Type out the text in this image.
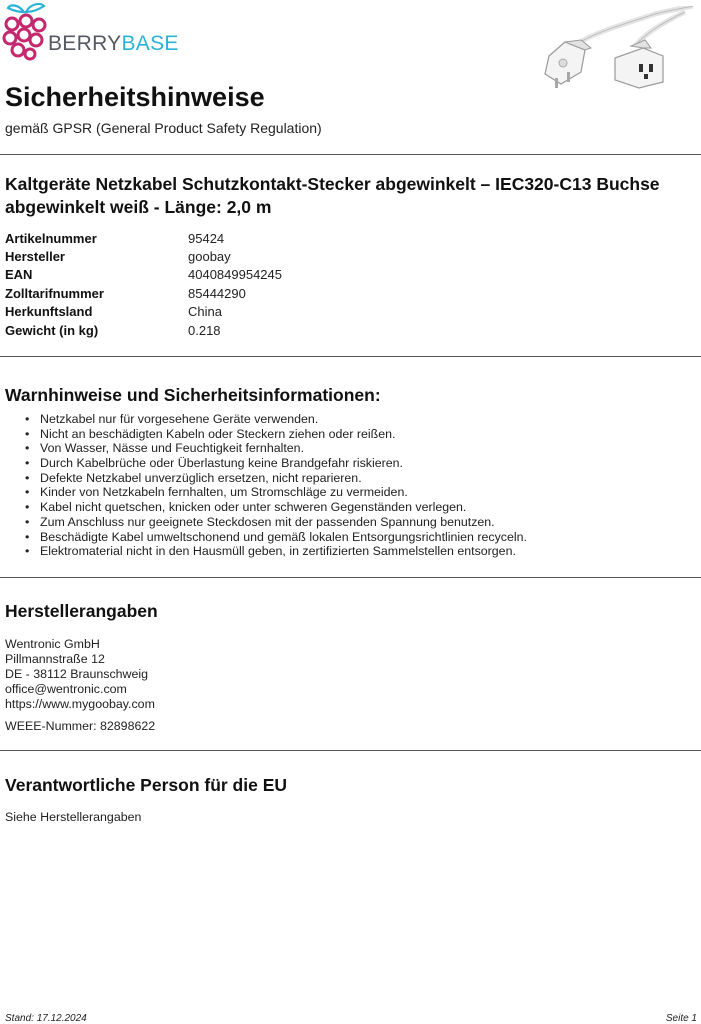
BERRYBASE
Sicherheitshinweise
gemäß GPSR (General Product Safety Regulation)
Kaltgeräte Netzkabel Schutzkontakt-Stecker abgewinkelt – IEC320-C13 Buchse abgewinkelt weiß - Länge: 2,0 m
Artikelnummer	95424
Hersteller	goobay
EAN	4040849954245
Zolltarifnummer	85444290
Herkunftsland	China
Gewicht (in kg)	0.218
Warnhinweise und Sicherheitsinformationen:
• Netzkabel nur für vorgesehene Geräte verwenden.
• Nicht an beschädigten Kabeln oder Steckern ziehen oder reißen.
• Von Wasser, Nässe und Feuchtigkeit fernhalten.
• Durch Kabelbrüche oder Überlastung keine Brandgefahr riskieren.
• Defekte Netzkabel unverzüglich ersetzen, nicht reparieren.
• Kinder von Netzkabeln fernhalten, um Stromschläge zu vermeiden.
• Kabel nicht quetschen, knicken oder unter schweren Gegenständen verlegen.
• Zum Anschluss nur geeignete Steckdosen mit der passenden Spannung benutzen.
• Beschädigte Kabel umweltschonend und gemäß lokalen Entsorgungsrichtlinien recyceln.
• Elektromaterial nicht in den Hausmüll geben, in zertifizierten Sammelstellen entsorgen.
Herstellerangaben
Wentronic GmbH
Pillmannstraße 12
DE - 38112 Braunschweig
office@wentronic.com
https://www.mygoobay.com
WEEE-Nummer: 82898622
Verantwortliche Person für die EU
Siehe Herstellerangaben
Stand: 17.12.2024	Seite 1
